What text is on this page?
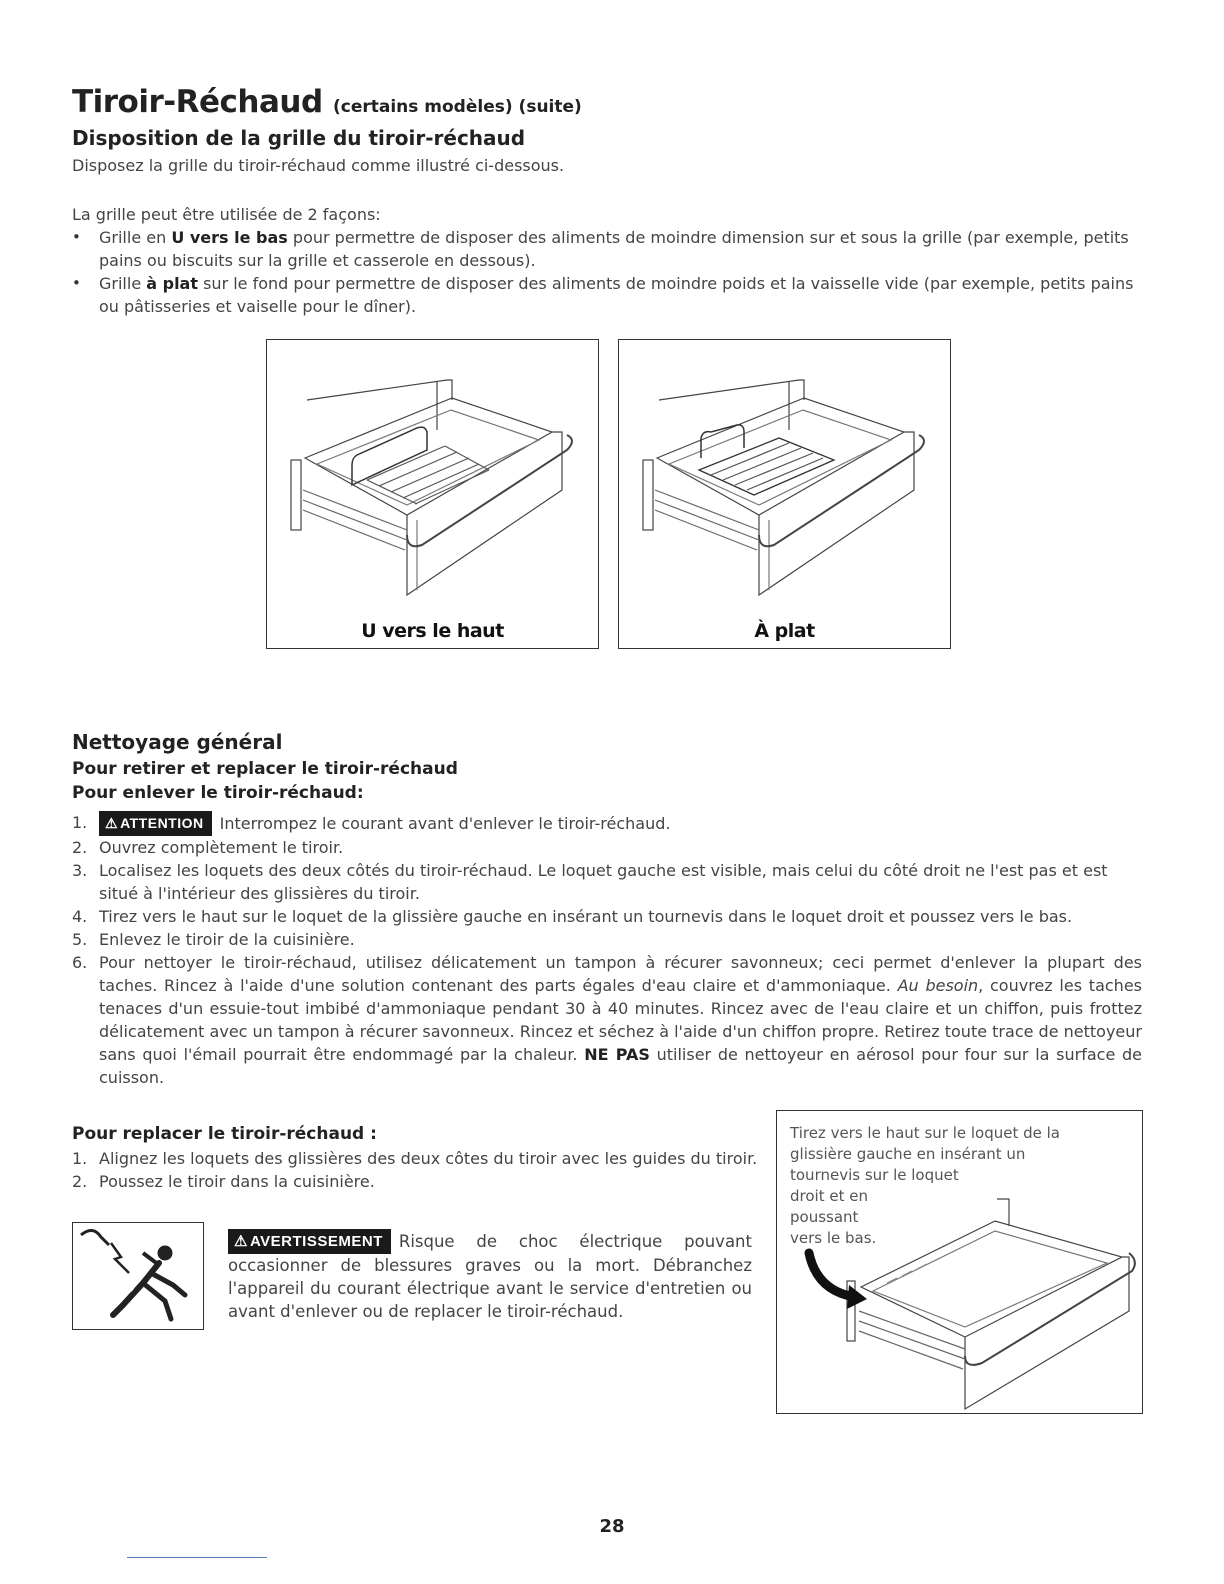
Tiroir-Réchaud (certains modèles) (suite)
Disposition de la grille du tiroir-réchaud
Disposez la grille du tiroir-réchaud comme illustré ci-dessous.
La grille peut être utilisée de 2 façons:
• Grille en U vers le bas pour permettre de disposer des aliments de moindre dimension sur et sous la grille (par exemple, petits pains ou biscuits sur la grille et casserole en dessous).
• Grille à plat sur le fond pour permettre de disposer des aliments de moindre poids et la vaisselle vide (par exemple, petits pains ou pâtisseries et vaiselle pour le dîner).
U vers le haut	À plat
Nettoyage général
Pour retirer et replacer le tiroir-réchaud
Pour enlever le tiroir-réchaud:
1. ⚠ ATTENTION Interrompez le courant avant d'enlever le tiroir-réchaud.
2. Ouvrez complètement le tiroir.
3. Localisez les loquets des deux côtés du tiroir-réchaud. Le loquet gauche est visible, mais celui du côté droit ne l'est pas et est situé à l'intérieur des glissières du tiroir.
4. Tirez vers le haut sur le loquet de la glissière gauche en insérant un tournevis dans le loquet droit et poussez vers le bas.
5. Enlevez le tiroir de la cuisinière.
6. Pour nettoyer le tiroir-réchaud, utilisez délicatement un tampon à récurer savonneux; ceci permet d'enlever la plupart des taches. Rincez à l'aide d'une solution contenant des parts égales d'eau claire et d'ammoniaque. Au besoin, couvrez les taches tenaces d'un essuie-tout imbibé d'ammoniaque pendant 30 à 40 minutes. Rincez avec de l'eau claire et un chiffon, puis frottez délicatement avec un tampon à récurer savonneux. Rincez et séchez à l'aide d'un chiffon propre. Retirez toute trace de nettoyeur sans quoi l'émail pourrait être endommagé par la chaleur. NE PAS utiliser de nettoyeur en aérosol pour four sur la surface de cuisson.
Pour replacer le tiroir-réchaud :
1. Alignez les loquets des glissières des deux côtes du tiroir avec les guides du tiroir.
2. Poussez le tiroir dans la cuisinière.
⚠ AVERTISSEMENT Risque de choc électrique pouvant occasionner de blessures graves ou la mort. Débranchez l'appareil du courant électrique avant le service d'entretien ou avant d'enlever ou de replacer le tiroir-réchaud.
Tirez vers le haut sur le loquet de la
glissière gauche en insérant un
tournevis sur le loquet
droit et en
poussant
vers le bas.
28
